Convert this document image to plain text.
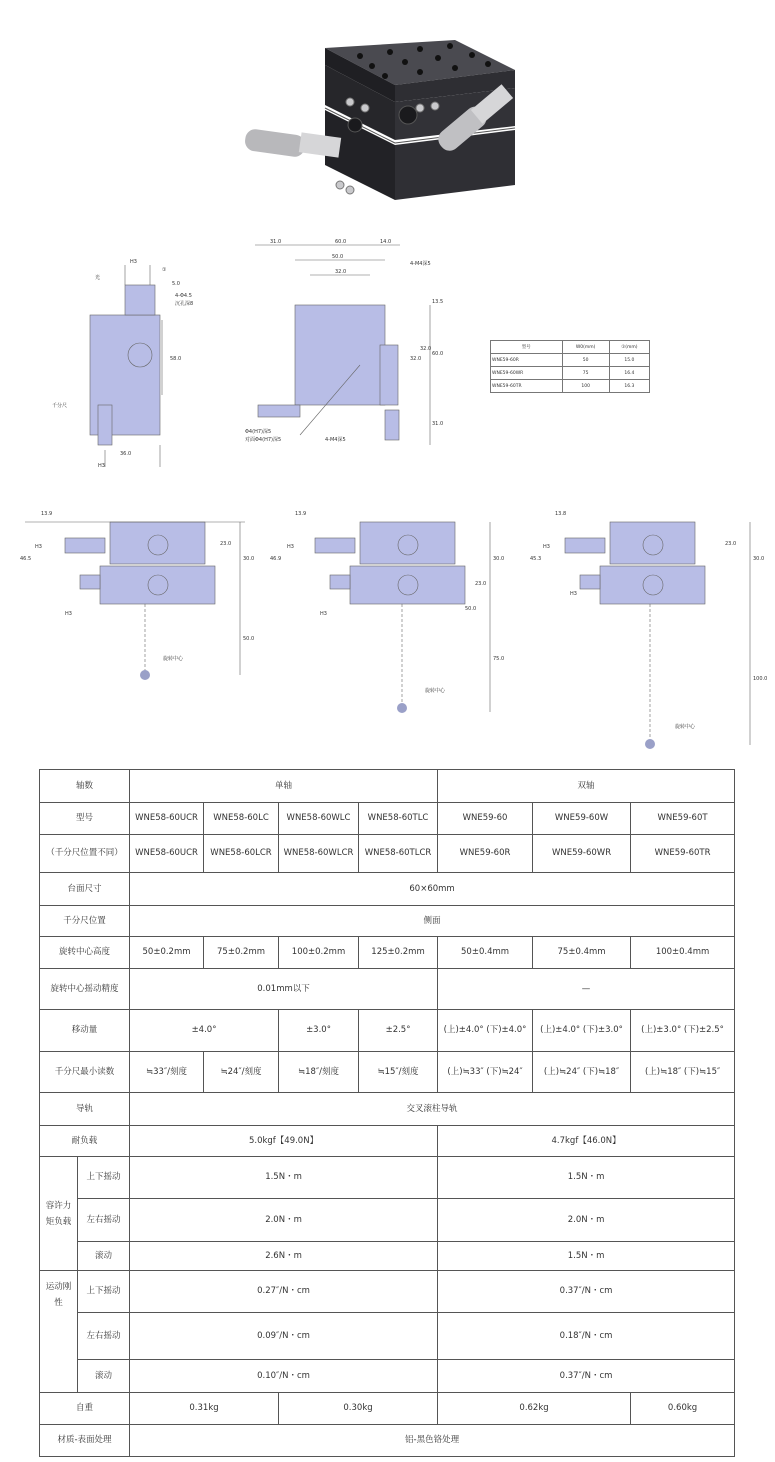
H3
①
5.0
4-Φ4.5
沉孔深8
58.0
36.0
H3
光
千分尺
31.0	60.0	14.0
50.0
32.0
4-M4深5
13.5
32.0
60.0
32.0
31.0
Φ4(H7)深5
对面Φ4(H7)深5	4-M4深5
型号	W0(mm)	①(mm)
WNE59-60R	50	15.0
WNE59-60WR	75	16.4
WNE59-60TR	100	16.3
13.9
46.5
H3	23.0
30.0
50.0
H3
旋转中心
13.9
46.9
H3
23.0
30.0
50.0
H3
75.0
旋转中心
13.8
45.3
H3	23.0
30.0
H3
100.0
旋转中心
轴数		单轴				双轴		
型号		WNE58-60UCR	WNE58-60LC	WNE58-60WLC	WNE58-60TLC	WNE59-60	WNE59-60W	WNE59-60T
（千分尺位置不同）		WNE58-60UCR	WNE58-60LCR	WNE58-60WLCR	WNE58-60TLCR	WNE59-60R	WNE59-60WR	WNE59-60TR
台面尺寸		60×60mm						
千分尺位置		侧面						
旋转中心高度		50±0.2mm	75±0.2mm	100±0.2mm	125±0.2mm	50±0.4mm	75±0.4mm	100±0.4mm
旋转中心摇动精度		0.01mm以下				—		
移动量		±4.0°		±3.0°	±2.5°	(上)±4.0° (下)±4.0°	(上)±4.0° (下)±3.0°	(上)±3.0° (下)±2.5°
千分尺最小读数		≒33″/刻度	≒24″/刻度	≒18″/刻度	≒15″/刻度	(上)≒33″ (下)≒24″	(上)≒24″ (下)≒18″	(上)≒18″ (下)≒15″
导轨		交叉滚柱导轨						
耐负载		5.0kgf【49.0N】				4.7kgf【46.0N】		
容许力矩负载	上下摇动	1.5N・m				1.5N・m		
	左右摇动	2.0N・m				2.0N・m		
	滚动	2.6N・m				1.5N・m		
运动刚性	上下摇动	0.27″/N・cm				0.37″/N・cm		
	左右摇动	0.09″/N・cm				0.18″/N・cm		
	滚动	0.10″/N・cm				0.37″/N・cm		
自重		0.31kg		0.30kg		0.62kg		0.60kg
材质-表面处理		铝-黑色铬处理						
